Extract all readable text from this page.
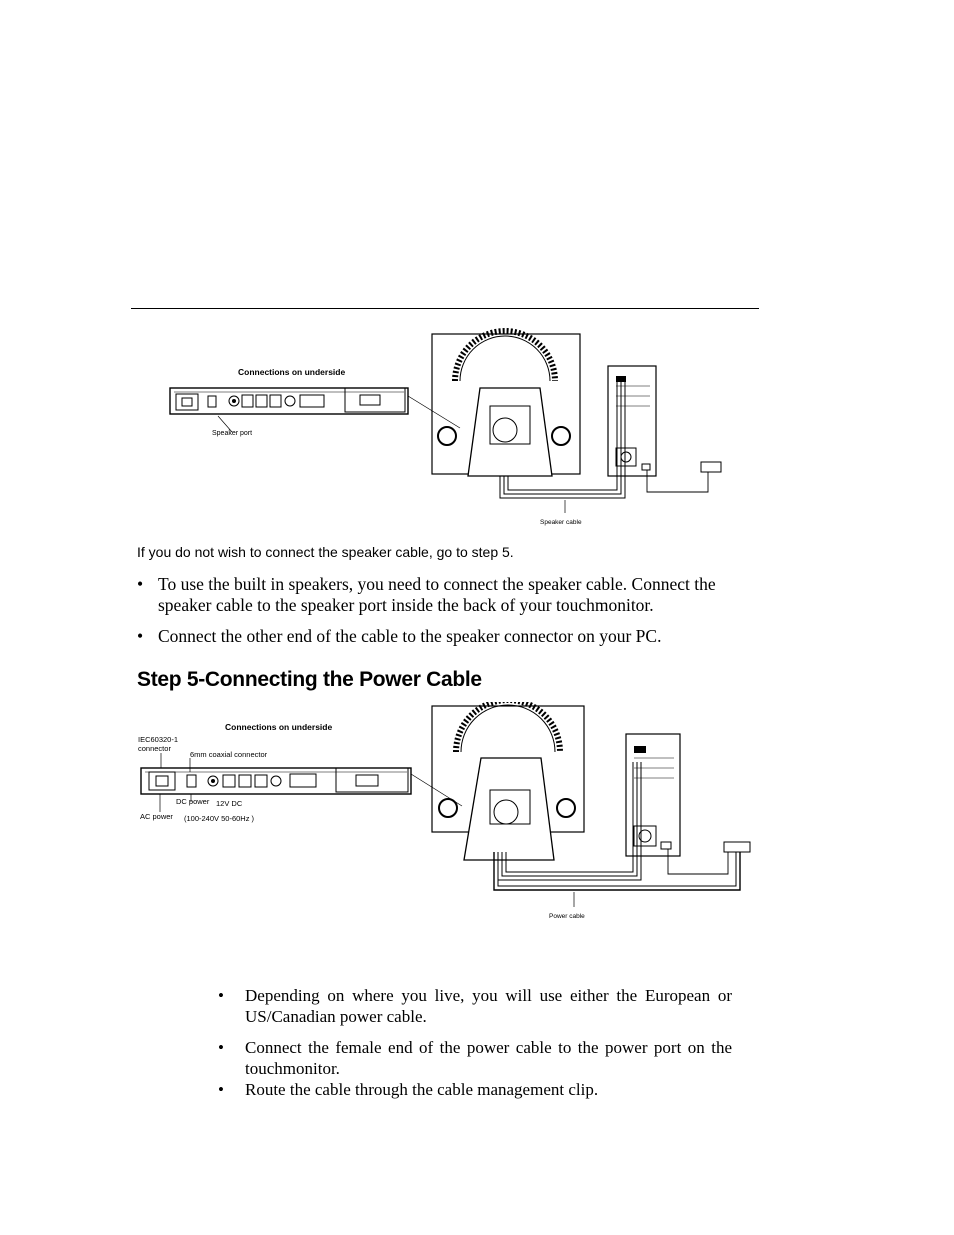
Connections on underside
Speaker port
Speaker cable
If you do not wish to connect the speaker cable, go to step 5.
• To use the built in speakers, you need to connect the speaker cable. Connect the speaker cable to the speaker port inside the back of your touchmonitor.
• Connect the other end of the cable to the speaker connector on your PC.
Step 5-Connecting the Power Cable
Connections on underside
IEC60320-1
connector
6mm coaxial connector
DC power 12V DC
AC power (100-240V 50-60Hz )
Power cable
• Depending on where you live, you will use either the European or US/Canadian power cable.
• Connect the female end of the power cable to the power port on the touchmonitor.
• Route the cable through the cable management clip.
